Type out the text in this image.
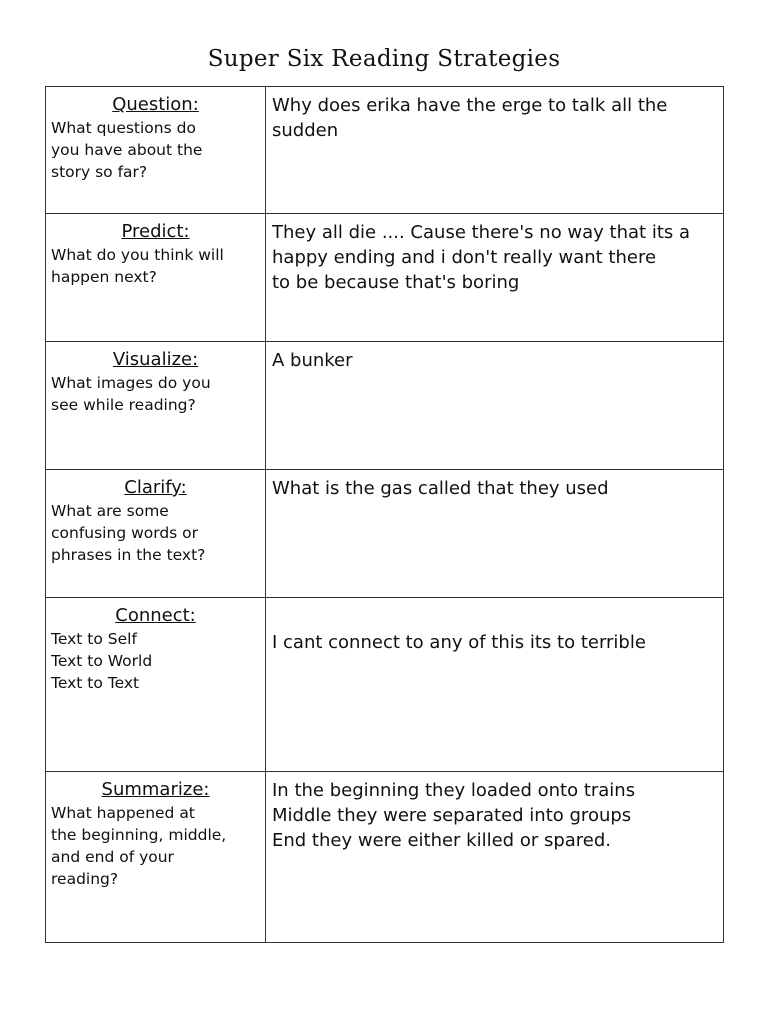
Super Six Reading Strategies
Question:
What questions do
you have about the
story so far?	Why does erika have the erge to talk all the
sudden

Predict:
What do you think will
happen next?	They all die .... Cause there's no way that its a
happy ending and i don't really want there
to be because that's boring

Visualize:
What images do you
see while reading?	A bunker

Clarify:
What are some
confusing words or
phrases in the text?	What is the gas called that they used

Connect:
Text to Self
Text to World
Text to Text	I cant connect to any of this its to terrible

Summarize:
What happened at
the beginning, middle,
and end of your
reading?	In the beginning they loaded onto trains
Middle they were separated into groups
End they were either killed or spared.
